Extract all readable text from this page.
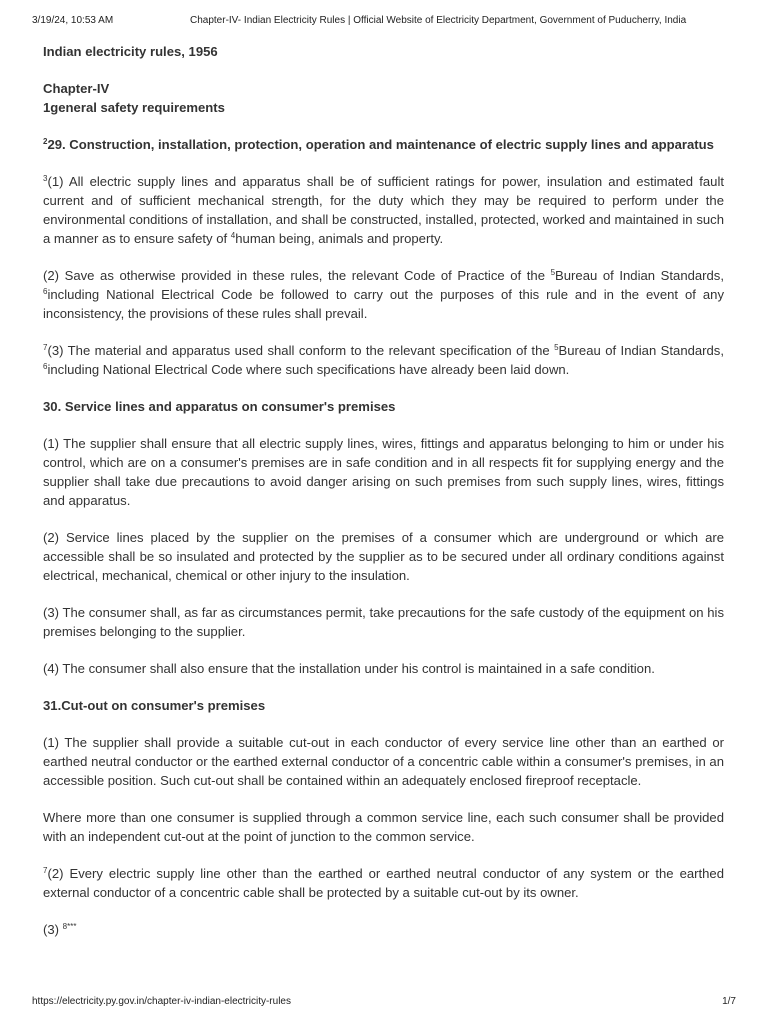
3/19/24, 10:53 AM	Chapter-IV- Indian Electricity Rules | Official Website of Electricity Department, Government of Puducherry, India

Indian electricity rules, 1956

Chapter-IV

1general safety requirements

$^2$29. Construction, installation, protection, operation and maintenance of electric supply lines and apparatus

$^3$(1) All electric supply lines and apparatus shall be of sufficient ratings for power, insulation and estimated fault current and of sufficient mechanical strength, for the duty which they may be required to perform under the environmental conditions of installation, and shall be constructed, installed, protected, worked and maintained in such a manner as to ensure safety of $^4$human being, animals and property.

(2) Save as otherwise provided in these rules, the relevant Code of Practice of the $^5$Bureau of Indian Standards, $^6$including National Electrical Code be followed to carry out the purposes of this rule and in the event of any inconsistency, the provisions of these rules shall prevail.

$^7$(3) The material and apparatus used shall conform to the relevant specification of the $^5$Bureau of Indian Standards, $^6$including National Electrical Code where such specifications have already been laid down.

30. Service lines and apparatus on consumer's premises

(1) The supplier shall ensure that all electric supply lines, wires, fittings and apparatus belonging to him or under his control, which are on a consumer's premises are in safe condition and in all respects fit for supplying energy and the supplier shall take due precautions to avoid danger arising on such premises from such supply lines, wires, fittings and apparatus.

(2) Service lines placed by the supplier on the premises of a consumer which are underground or which are accessible shall be so insulated and protected by the supplier as to be secured under all ordinary conditions against electrical, mechanical, chemical or other injury to the insulation.

(3) The consumer shall, as far as circumstances permit, take precautions for the safe custody of the equipment on his premises belonging to the supplier.

(4) The consumer shall also ensure that the installation under his control is maintained in a safe condition.

31.Cut-out on consumer's premises

(1) The supplier shall provide a suitable cut-out in each conductor of every service line other than an earthed or earthed neutral conductor or the earthed external conductor of a concentric cable within a consumer's premises, in an accessible position. Such cut-out shall be contained within an adequately enclosed fireproof receptacle.

Where more than one consumer is supplied through a common service line, each such consumer shall be provided with an independent cut-out at the point of junction to the common service.

$^7$(2) Every electric supply line other than the earthed or earthed neutral conductor of any system or the earthed external conductor of a concentric cable shall be protected by a suitable cut-out by its owner.

(3) $^{8***}$

https://electricity.py.gov.in/chapter-iv-indian-electricity-rules	1/7
